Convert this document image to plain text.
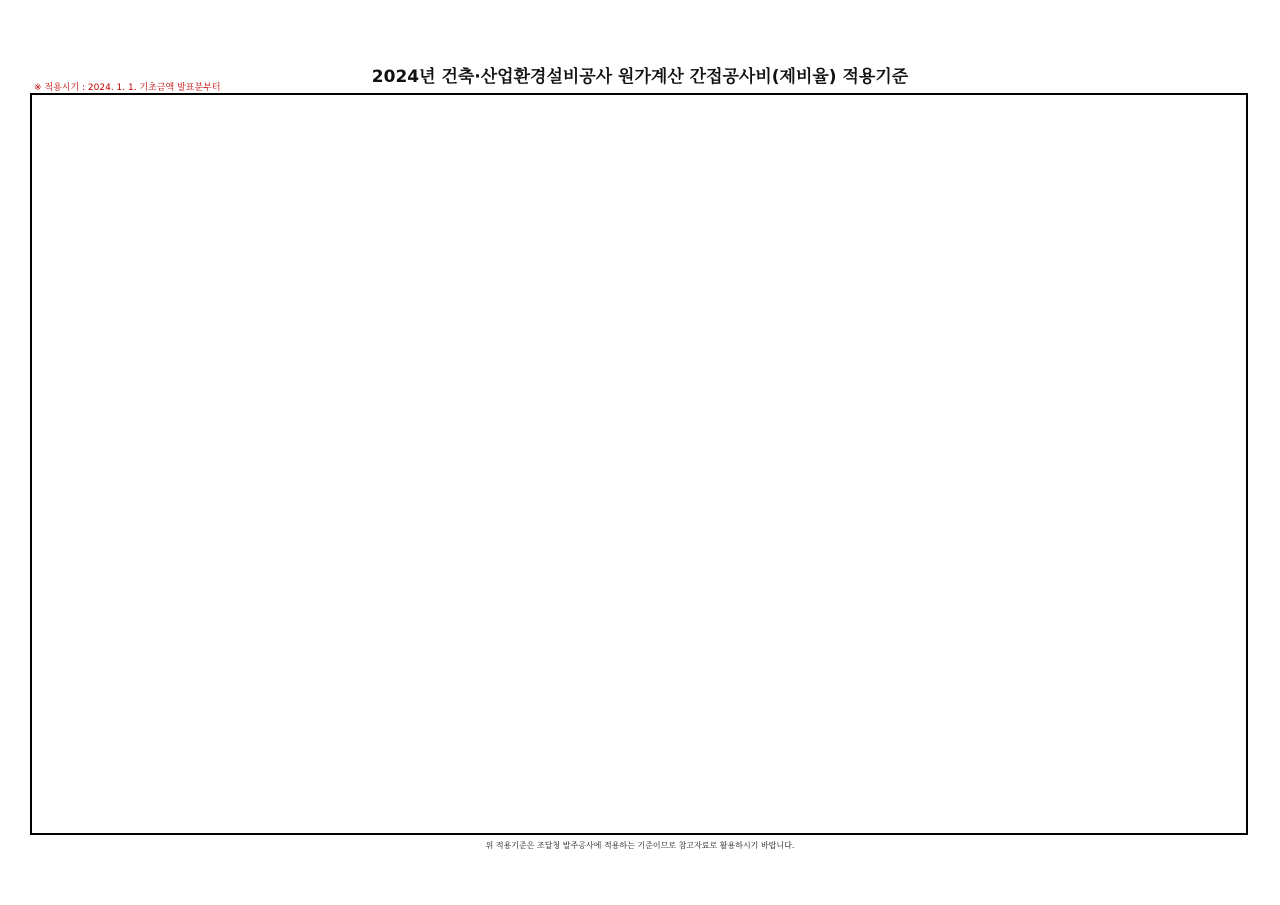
2024년 건축·산업환경설비공사 원가계산 간접공사비(제비율) 적용기준
※ 적용시기 : 2024. 1. 1. 기초금액 발표분부터
위 적용기준은 조달청 발주공사에 적용하는 기준이므로 참고자료로 활용하시기 바랍니다.
